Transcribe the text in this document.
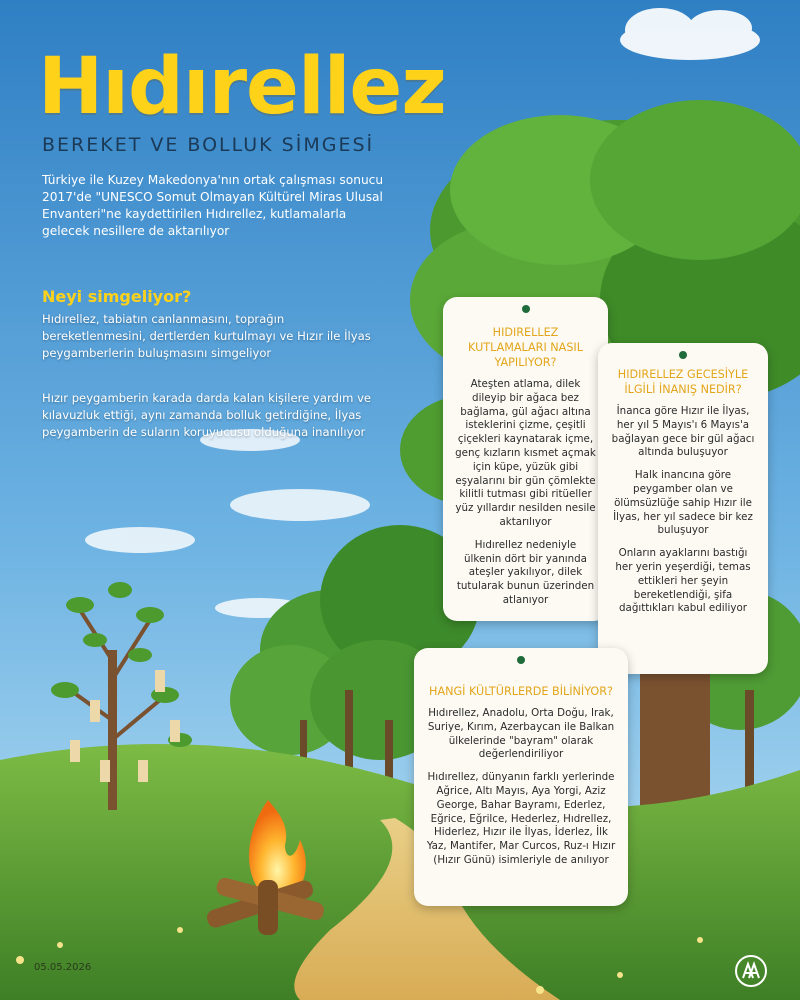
Hıdırellez
BEREKET VE BOLLUK SİMGESİ
Türkiye ile Kuzey Makedonya'nın ortak çalışması sonucu 2017'de "UNESCO Somut Olmayan Kültürel Miras Ulusal Envanteri"ne kaydettirilen Hıdırellez, kutlamalarla gelecek nesillere de aktarılıyor
Neyi simgeliyor?
Hıdırellez, tabiatın canlanmasını, toprağın bereketlenmesini, dertlerden kurtulmayı ve Hızır ile İlyas peygamberlerin buluşmasını simgeliyor
Hızır peygamberin karada darda kalan kişilere yardım ve kılavuzluk ettiği, aynı zamanda bolluk getirdiğine, İlyas peygamberin de suların koruyucusu olduğuna inanılıyor
HIDIRELLEZ KUTLAMALARI NASIL YAPILIYOR?

Ateşten atlama, dilek dileyip bir ağaca bez bağlama, gül ağacı altına isteklerini çizme, çeşitli çiçekleri kaynatarak içme, genç kızların kısmet açmak için küpe, yüzük gibi eşyalarını bir gün çömlekte kilitli tutması gibi ritüeller yüz yıllardır nesilden nesile aktarılıyor

Hıdırellez nedeniyle ülkenin dört bir yanında ateşler yakılıyor, dilek tutularak bunun üzerinden atlanıyor

HIDIRELLEZ GECESİYLE İLGİLİ İNANIŞ NEDİR?

İnanca göre Hızır ile İlyas, her yıl 5 Mayıs'ı 6 Mayıs'a bağlayan gece bir gül ağacı altında buluşuyor

Halk inancına göre peygamber olan ve ölümsüzlüğe sahip Hızır ile İlyas, her yıl sadece bir kez buluşuyor

Onların ayaklarını bastığı her yerin yeşerdiği, temas ettikleri her şeyin bereketlendiği, şifa dağıttıkları kabul ediliyor

HANGİ KÜLTÜRLERDE BİLİNİYOR?

Hıdırellez, Anadolu, Orta Doğu, Irak, Suriye, Kırım, Azerbaycan ile Balkan ülkelerinde "bayram" olarak değerlendiriliyor

Hıdırellez, dünyanın farklı yerlerinde Ağrice, Altı Mayıs, Aya Yorgi, Aziz George, Bahar Bayramı, Ederlez, Eğrice, Eğrilce, Hederlez, Hıdrellez, Hiderlez, Hızır ile İlyas, İderlez, İlk Yaz, Mantifer, Mar Curcos, Ruz-ı Hızır (Hızır Günü) isimleriyle de anılıyor

05.05.2026
